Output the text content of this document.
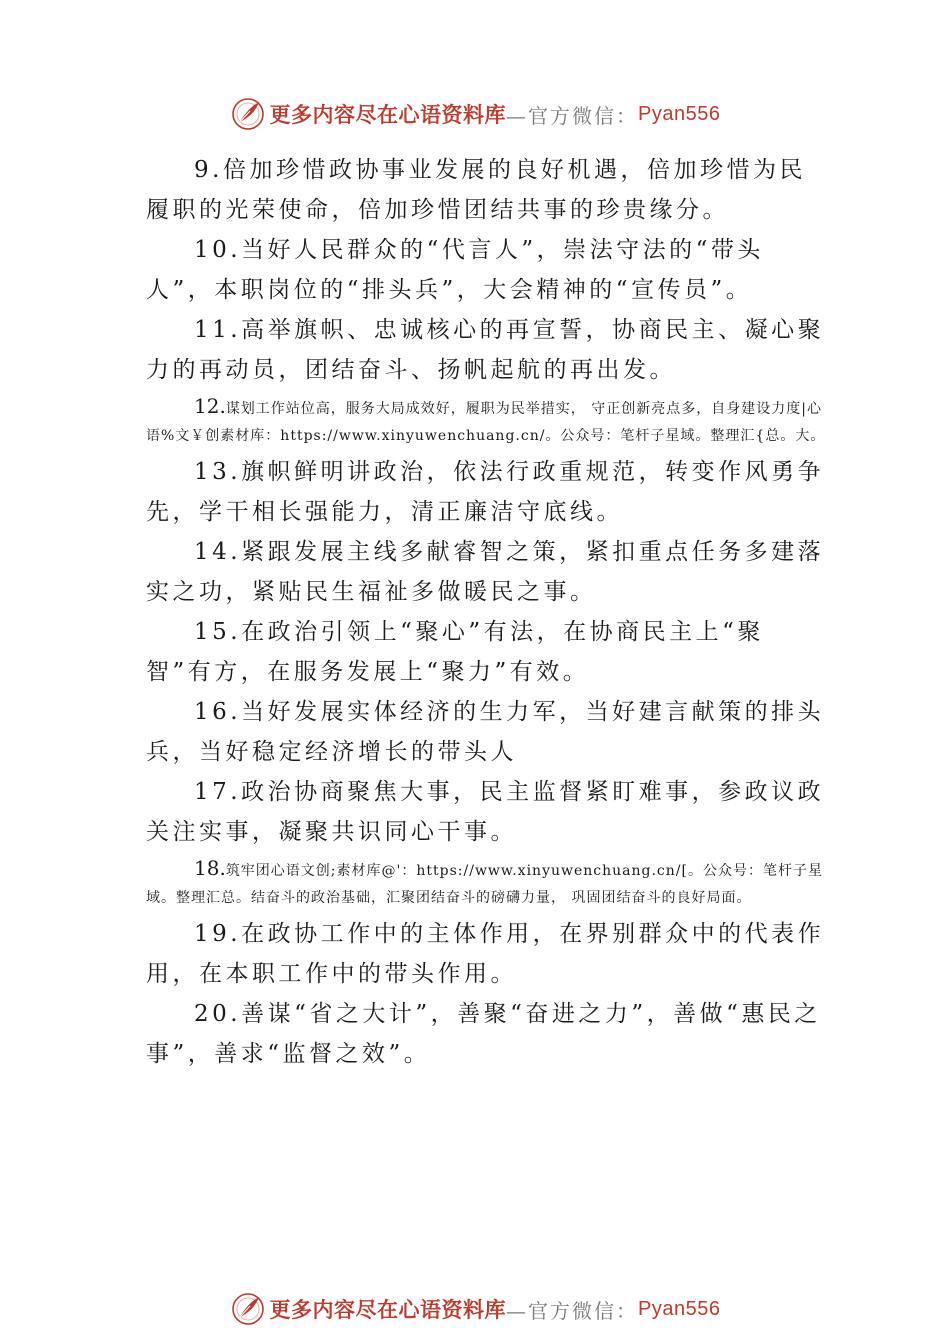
更多内容尽在心语资料库 —官方微信： Pyan556

9.倍加珍惜政协事业发展的良好机遇，倍加珍惜为民履职的光荣使命，倍加珍惜团结共事的珍贵缘分。

10.当好人民群众的“代言人”，崇法守法的“带头人”，本职岗位的“排头兵”，大会精神的“宣传员”。

11.高举旗帜、忠诚核心的再宣誓，协商民主、凝心聚力的再动员，团结奋斗、扬帆起航的再出发。

12.谋划工作站位高，服务大局成效好，履职为民举措实， 守正创新亮点多，自身建设力度|心语%文￥创素材库：https://www.xinyuwenchuang.cn/。公众号：笔杆子星域。整理汇{总。大。

13.旗帜鲜明讲政治，依法行政重规范，转变作风勇争先，学干相长强能力，清正廉洁守底线。

14.紧跟发展主线多献睿智之策，紧扣重点任务多建落实之功，紧贴民生福祉多做暖民之事。

15.在政治引领上“聚心”有法，在协商民主上“聚智”有方，在服务发展上“聚力”有效。

16.当好发展实体经济的生力军，当好建言献策的排头兵，当好稳定经济增长的带头人

17.政治协商聚焦大事，民主监督紧盯难事，参政议政关注实事，凝聚共识同心干事。

18.筑牢团心语文创;素材库@'：https://www.xinyuwenchuang.cn/[。公众号：笔杆子星域。整理汇总。结奋斗的政治基础，汇聚团结奋斗的磅礴力量， 巩固团结奋斗的良好局面。

19.在政协工作中的主体作用，在界别群众中的代表作用，在本职工作中的带头作用。

20.善谋“省之大计”，善聚“奋进之力”，善做“惠民之事”，善求“监督之效”。

更多内容尽在心语资料库 —官方微信： Pyan556
